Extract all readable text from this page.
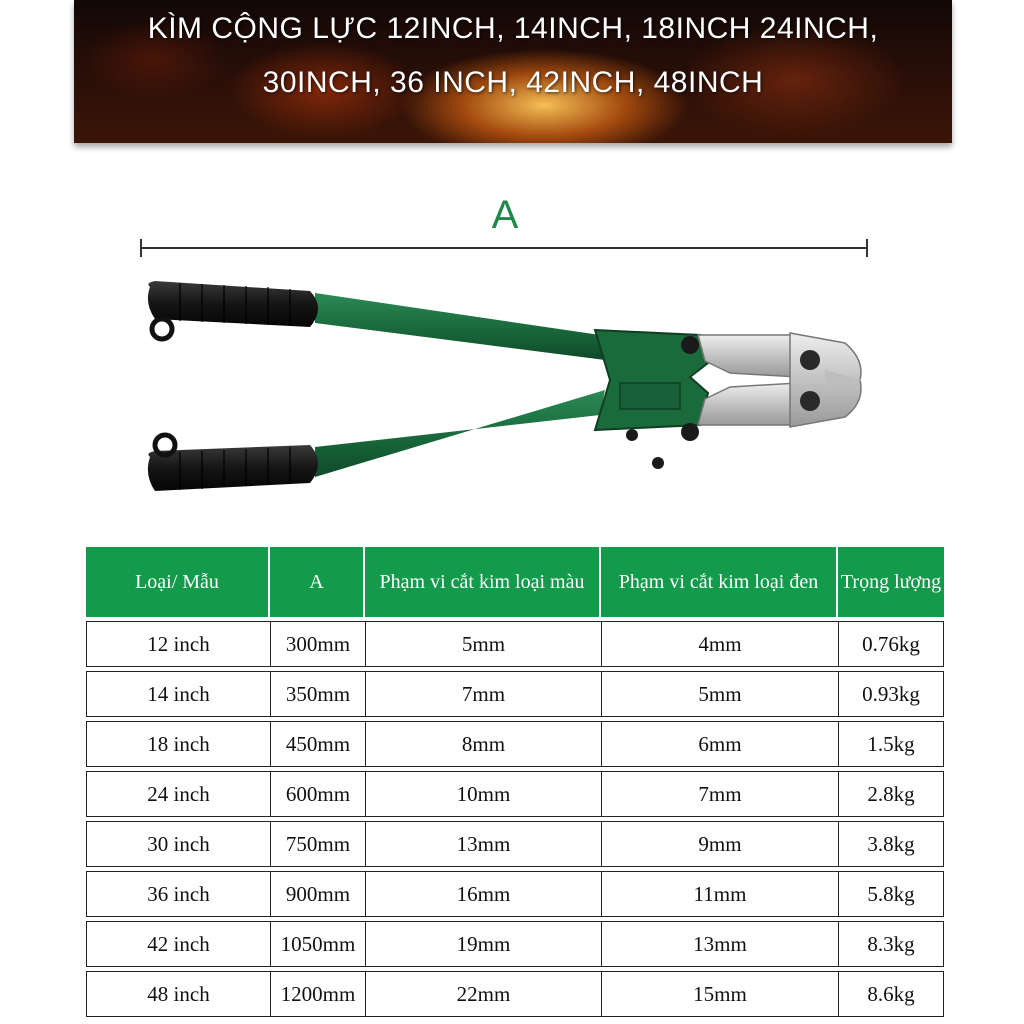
KÌM CỘNG LỰC 12INCH, 14INCH, 18INCH 24INCH,
30INCH, 36 INCH, 42INCH, 48INCH
A
Loại/ Mẫu	A	Phạm vi cắt kim loại màu	Phạm vi cắt kim loại đen	Trọng lượng
12 inch	300mm	5mm	4mm	0.76kg
14 inch	350mm	7mm	5mm	0.93kg
18 inch	450mm	8mm	6mm	1.5kg
24 inch	600mm	10mm	7mm	2.8kg
30 inch	750mm	13mm	9mm	3.8kg
36 inch	900mm	16mm	11mm	5.8kg
42 inch	1050mm	19mm	13mm	8.3kg
48 inch	1200mm	22mm	15mm	8.6kg
